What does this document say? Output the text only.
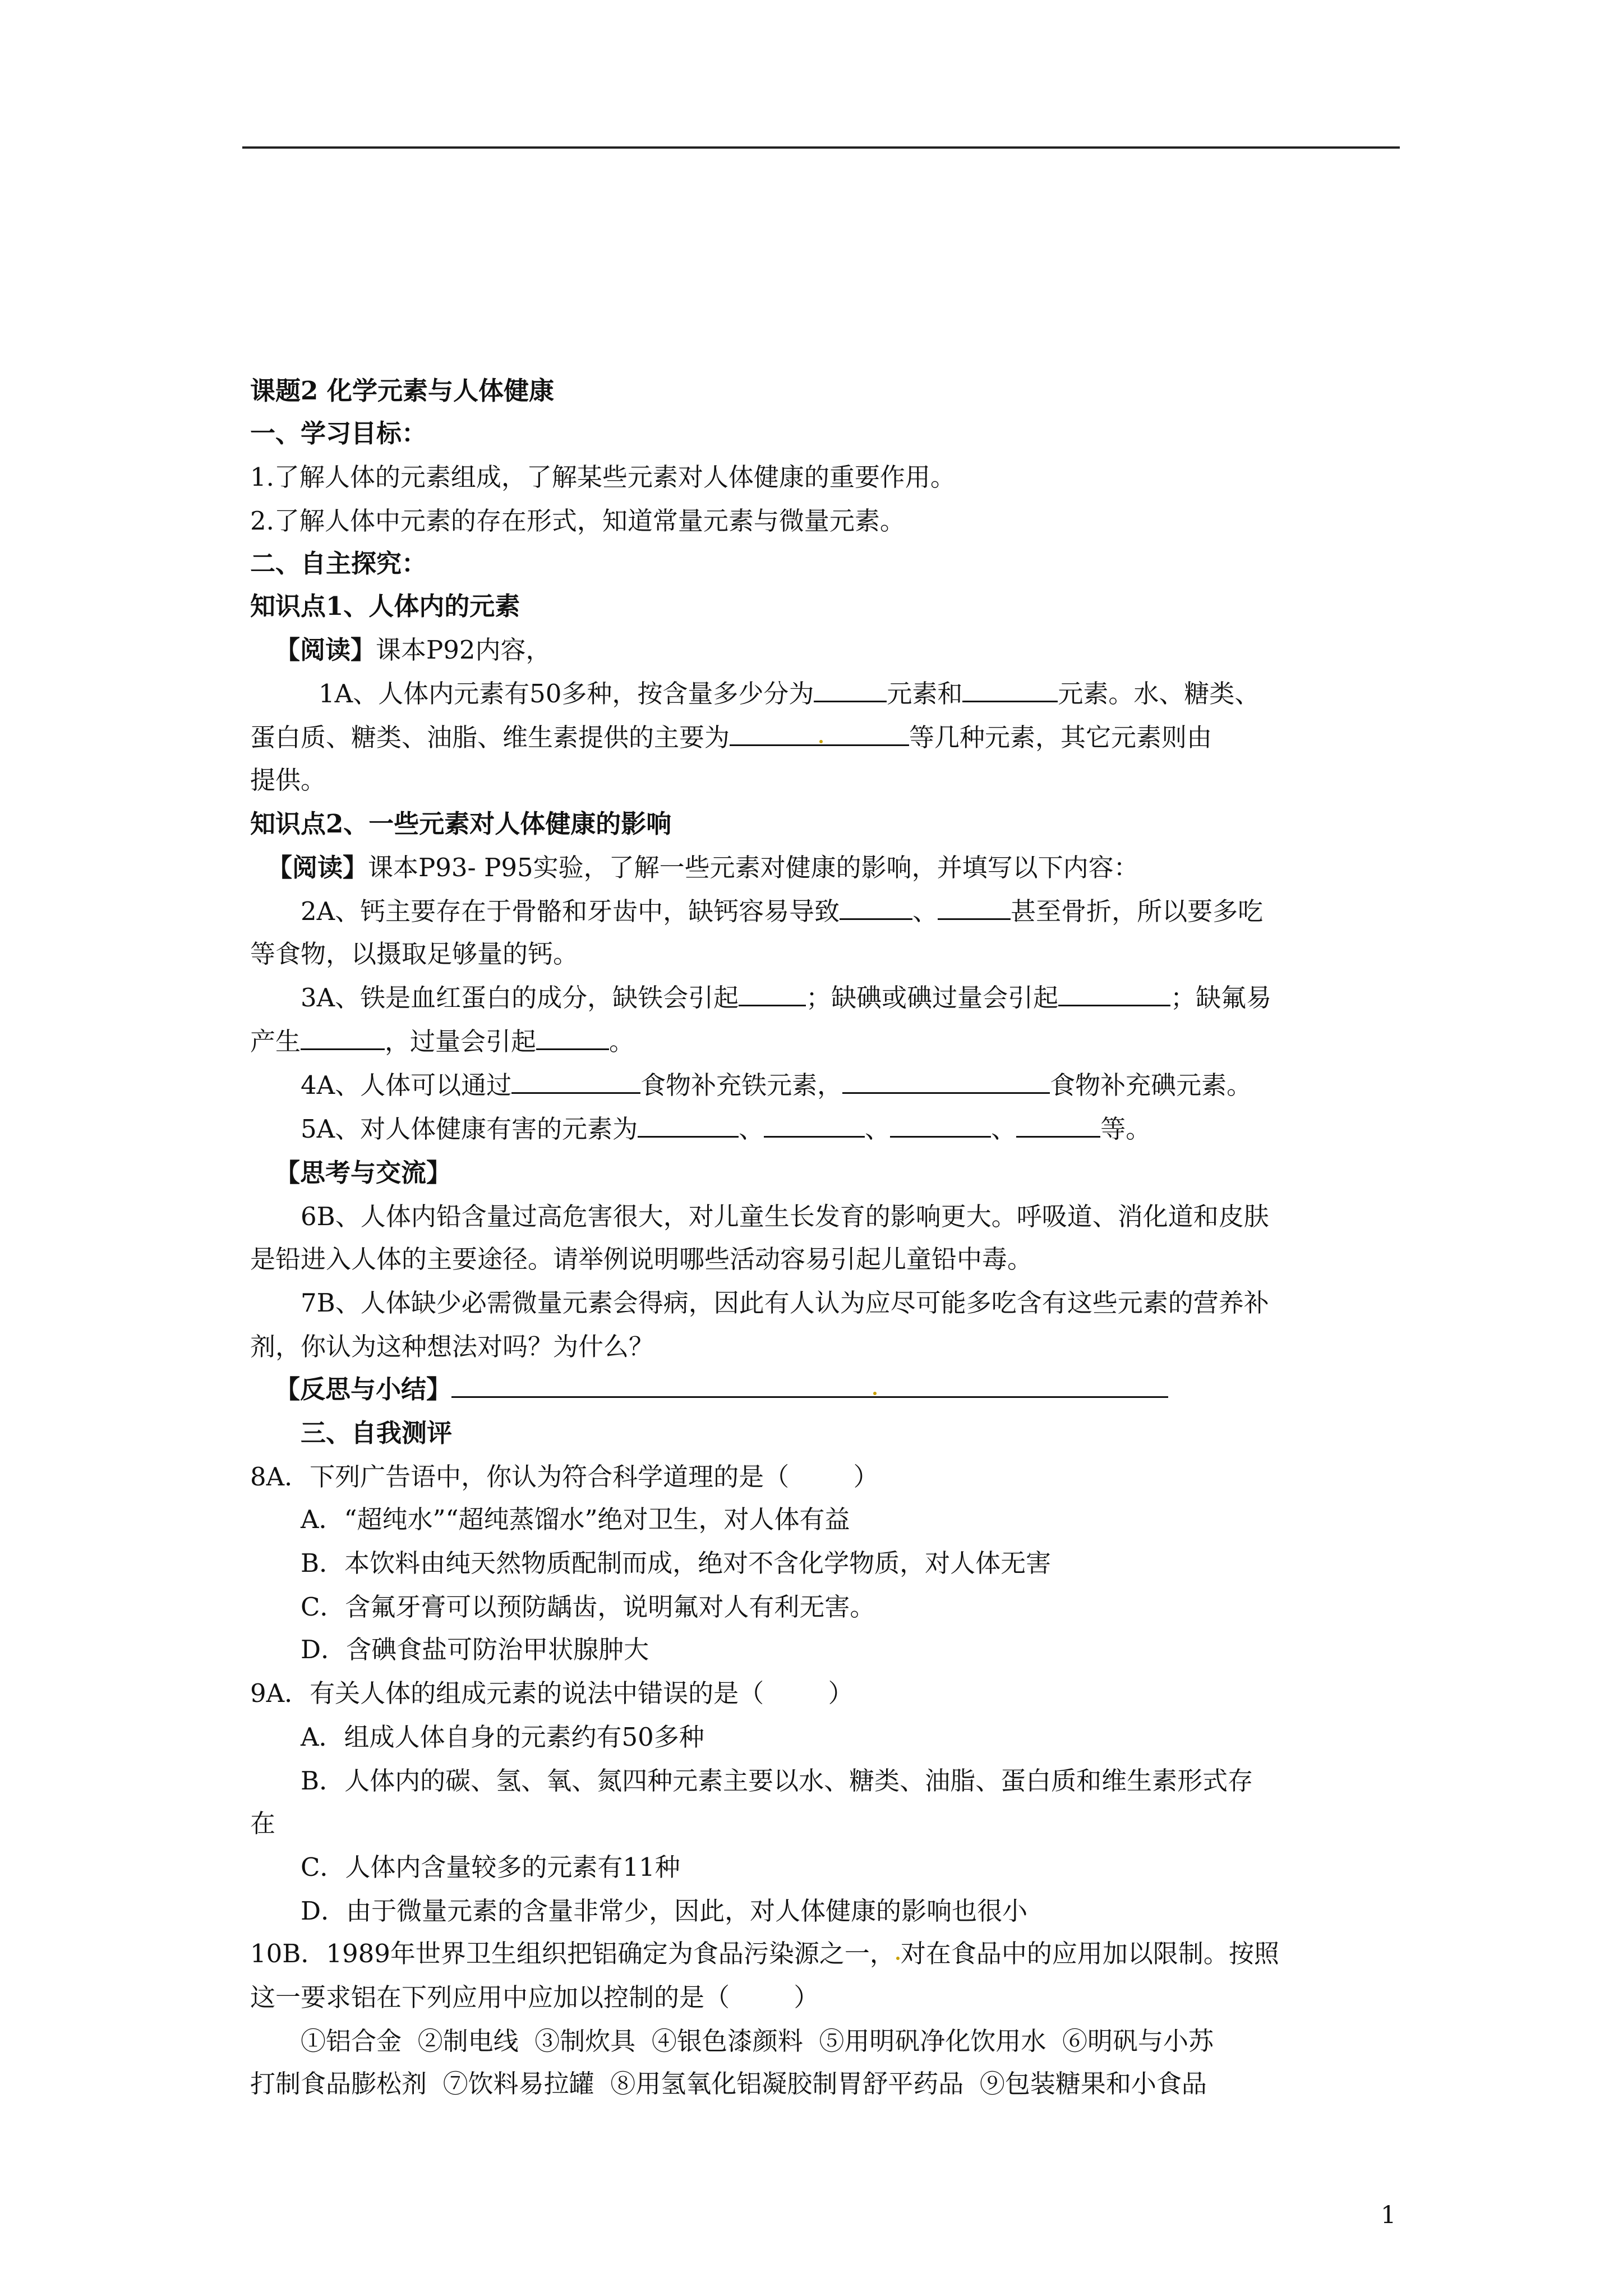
课题2 化学元素与人体健康
一、学习目标：
1.了解人体的元素组成，了解某些元素对人体健康的重要作用。
2.了解人体中元素的存在形式，知道常量元素与微量元素。
二、自主探究：
知识点1、人体内的元素
【阅读】课本P92内容，
1A、人体内元素有50多种，按含量多少分为	元素和	元素。水、糖类、
蛋白质、糖类、油脂、维生素提供的主要为	等几种元素，其它元素则由
提供。
知识点2、一些元素对人体健康的影响
【阅读】课本P93- P95实验，了解一些元素对健康的影响，并填写以下内容：
2A、钙主要存在于骨骼和牙齿中，缺钙容易导致	、	甚至骨折，所以要多吃
等食物，以摄取足够量的钙。
3A、铁是血红蛋白的成分，缺铁会引起	；缺碘或碘过量会引起	；缺氟易
产生	，过量会引起	。
4A、人体可以通过	食物补充铁元素，	食物补充碘元素。
5A、对人体健康有害的元素为	、	、	、	等。
【思考与交流】
6B、人体内铅含量过高危害很大，对儿童生长发育的影响更大。呼吸道、消化道和皮肤
是铅进入人体的主要途径。请举例说明哪些活动容易引起儿童铅中毒。
7B、人体缺少必需微量元素会得病，因此有人认为应尽可能多吃含有这些元素的营养补
剂，你认为这种想法对吗？为什么？
【反思与小结】
三、自我测评
8A．下列广告语中，你认为符合科学道理的是（        ）
A．“超纯水”“超纯蒸馏水”绝对卫生，对人体有益
B．本饮料由纯天然物质配制而成，绝对不含化学物质，对人体无害
C．含氟牙膏可以预防龋齿，说明氟对人有利无害。
D．含碘食盐可防治甲状腺肿大
9A．有关人体的组成元素的说法中错误的是（        ）
A．组成人体自身的元素约有50多种
B．人体内的碳、氢、氧、氮四种元素主要以水、糖类、油脂、蛋白质和维生素形式存
在
C．人体内含量较多的元素有11种
D．由于微量元素的含量非常少，因此，对人体健康的影响也很小
10B．1989年世界卫生组织把铝确定为食品污染源之一， 对在食品中的应用加以限制。按照
这一要求铝在下列应用中应加以控制的是（        ）
①铝合金  ②制电线  ③制炊具  ④银色漆颜料  ⑤用明矾净化饮用水  ⑥明矾与小苏
打制食品膨松剂  ⑦饮料易拉罐  ⑧用氢氧化铝凝胶制胃舒平药品  ⑨包装糖果和小食品
1
